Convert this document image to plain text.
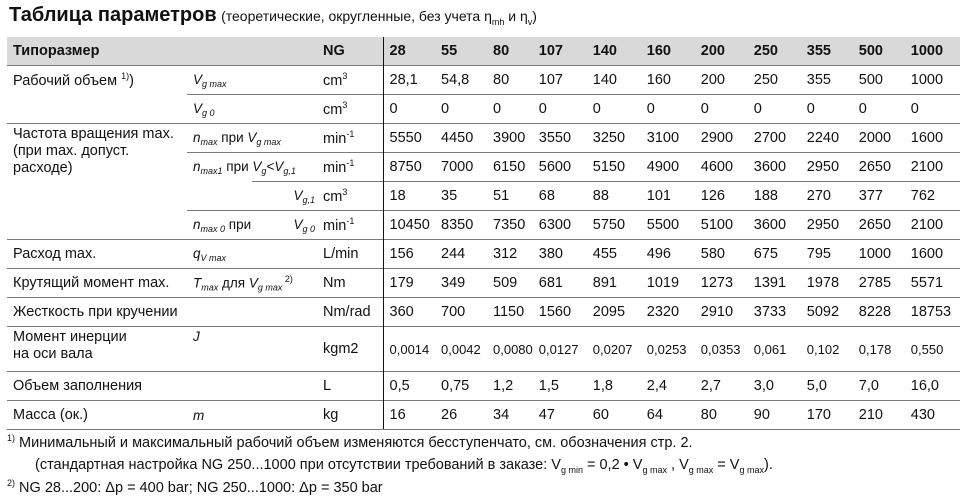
Таблица параметров (теоретические, округленные, без учета $\eta_{mh}$ и $\eta_v$)
Типоразмер			NG	28	55	80	107	140	160	200	250	355	500	1000
Рабочий объем $^{1)}$)	$V_{g max}$		$cm^3$	28,1	54,8	80	107	140	160	200	250	355	500	1000
	$V_{g 0}$		$cm^3$	0	0	0	0	0	0	0	0	0	0	0

Частота вращения max.
(при max. допуст.
расходе)	$n_{max}$ при $V_{g max}$		$\min^{-1}$	5550	4450	3900	3550	3250	3100	2900	2700	2240	2000	1600
	$n_{max1}$ при $V_g<V_{g,1}$		$\min^{-1}$	8750	7000	6150	5600	5150	4900	4600	3600	2950	2650	2100
		$V_{g,1}$	$cm^3$	18	35	51	68	88	101	126	188	270	377	762
	$n_{max 0}$ при	$V_{g 0}$	$\min^{-1}$	10450	8350	7350	6300	5750	5500	5100	3600	2950	2650	2100
Расход max.	$q_{V max}$		L/min	156	244	312	380	455	496	580	675	795	1000	1600
Крутящий момент max.	$T_{max}$ для $V_{g max}$ $^{2)}$		Nm	179	349	509	681	891	1019	1273	1391	1978	2785	5571
Жесткость при кручении			Nm/rad	360	700	1150	1560	2095	2320	2910	3733	5092	8228	18753

Момент инерции
на оси вала	J		kgm2	0,0014	0,0042	0,0080	0,0127	0,0207	0,0253	0,0353	0,061	0,102	0,178	0,550
Объем заполнения			L	0,5	0,75	1,2	1,5	1,8	2,4	2,7	3,0	5,0	7,0	16,0
Масса (ок.)	m		kg	16	26	34	47	60	64	80	90	170	210	430
$^{1)}$ Минимальный и максимальный рабочий объем изменяются бесступенчато, см. обозначения стр. 2.
(стандартная настройка NG 250...1000 при отсутствии требований в заказе: $V_{g min} = 0,2$ • $V_{g max}$ , $V_{g max} = V_{g max}$).
$^{2)}$ NG 28...200: Δp = 400 bar; NG 250...1000: Δp = 350 bar
